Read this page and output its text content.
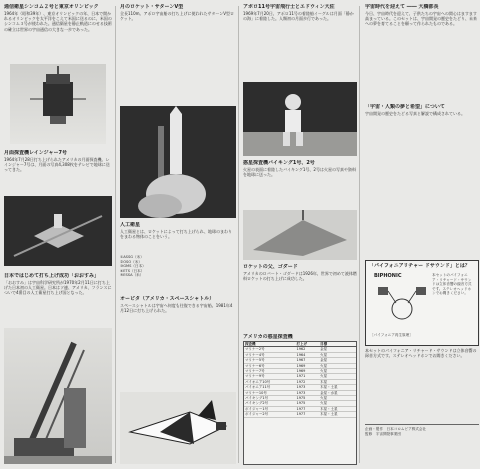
通信衛星シンコム２号と東京オリンピック
1964年（昭和39年）、東京オリンピックの年、日本で開かれるオリンピックを太平洋をこえて米国に送るのに、米国のシンコム３号が使われた。通信衛星を静止軌道にのせる技術の確立は世界の宇宙通信の大きな一歩であった。
月面探査機レインジャー7号
1964年7月28日打ち上げられたアメリカの月面探査機。レインジャー7号は、月面の写真4,308枚をテレビで地球に送ってきた。
日本ではじめて打ち上げ成功「おおすみ」
「おおすみ」は宇宙科学研究所が1970年2月11日に打ち上げた日本初の人工衛星。日本はソ連、アメリカ、フランスについで4番目の人工衛星打ち上げ国となった。
月のロケット・サターンV型
全長110m。アポロ宇宙船の打ち上げに使われたサターンV型ロケット。
人工衛星
人工衛星とは、ロケットによって打ち上げられ、地球のまわりをまわる物体のことをいう。
①ASSG（米）
②OSO（米）
③GMS（日本）
④ETS（日本）
⑤ESSA（米）
オービタ（アメリカ・スペースシャトル）
スペースシャトルは宇宙へ何度も往復できる宇宙船。1981年4月12日に打ち上げられた。
アポロ11号宇宙飛行士とエドウィン大佐
1969年7月20日、アポロ11号の着陸船イーグルは月面「静かの海」に着陸した。人類初の月面歩行であった。
惑星探査機バイキング1号、2号
火星の表面に着陸したバイキング1号、2号は火星の写真や資料を地球に送った。
ロケットの父、ゴダード
アメリカのロバート・ゴダードは1926年、世界で初めて液体燃料ロケットの打ち上げに成功した。
アメリカの惑星探査機
探査機	打上げ	目標
マリナー2号	1962	金星
マリナー4号	1964	火星
マリナー5号	1967	金星
マリナー6号	1969	火星
マリナー7号	1969	火星
マリナー9号	1971	火星
パイオニア10号	1972	木星
パイオニア11号	1973	木星・土星
マリナー10号	1973	金星・水星
バイキング1号	1975	火星
バイキング2号	1975	火星
ボイジャー1号	1977	木星・土星
ボイジャー2号	1977	木星・土星
宇宙時代を迎えて ―― 大橋部長
今日、宇宙時代を迎えて、子供たちの宇宙への関心はますます高まっている。このセットは、宇宙開発の歴史をたどり、未来への夢を育てることを願って作られたものである。
「宇宙・人類の夢と希望」について
宇宙開発の歴史をたどる写真と解説で構成されている。
「パイフォニアリチャー ドサウンド」とは？
BIPHONIC
［パイフォニア再生原理］
本セットのパイフォニア・リチャード・サウンドは立体音響の録音方式です。ステレオヘッドホンでお聞きください。
本セットのパイフォニア・リチャード・サウンドは立体音響の録音方式です。ステレオヘッドホンでお聞きください。
企画・製作　日本コロムビア株式会社
監修　宇宙開発事業団
